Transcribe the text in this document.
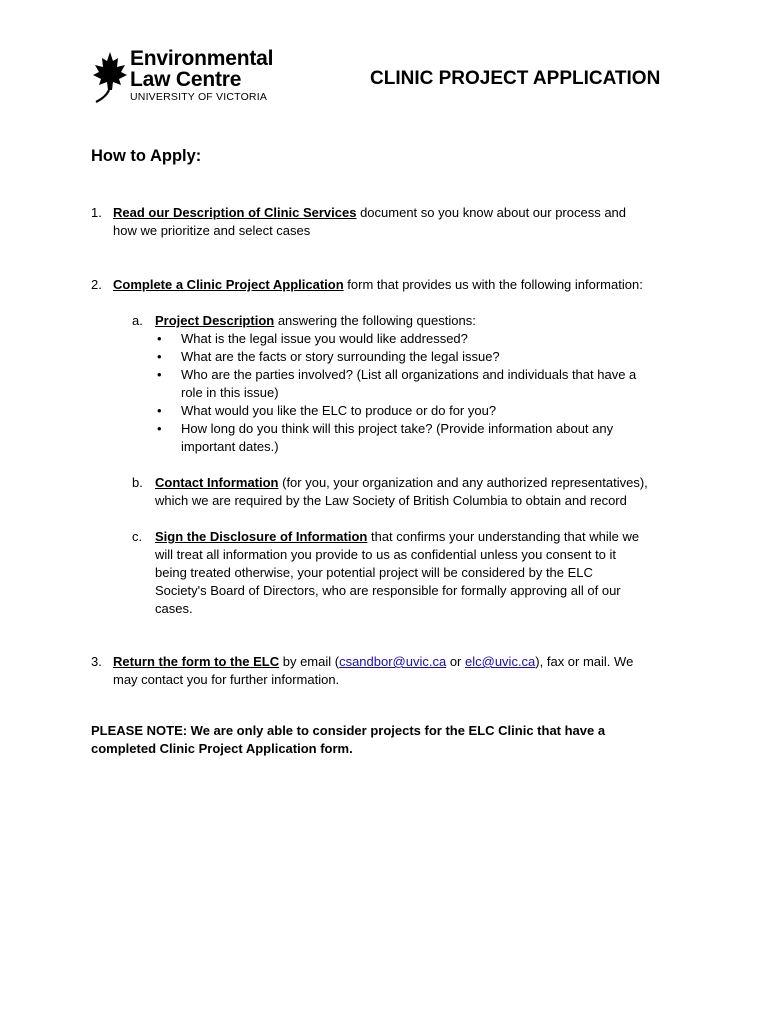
Environmental
Law Centre
UNIVERSITY OF VICTORIA
CLINIC PROJECT APPLICATION
How to Apply:
1. Read our Description of Clinic Services document so you know about our process and
how we prioritize and select cases
2. Complete a Clinic Project Application form that provides us with the following information:
a. Project Description answering the following questions:
• What is the legal issue you would like addressed?
• What are the facts or story surrounding the legal issue?
• Who are the parties involved? (List all organizations and individuals that have a
role in this issue)
• What would you like the ELC to produce or do for you?
• How long do you think will this project take? (Provide information about any
important dates.)
b. Contact Information (for you, your organization and any authorized representatives),
which we are required by the Law Society of British Columbia to obtain and record
c. Sign the Disclosure of Information that confirms your understanding that while we
will treat all information you provide to us as confidential unless you consent to it
being treated otherwise, your potential project will be considered by the ELC
Society's Board of Directors, who are responsible for formally approving all of our
cases.
3. Return the form to the ELC by email (csandbor@uvic.ca or elc@uvic.ca), fax or mail. We
may contact you for further information.
PLEASE NOTE: We are only able to consider projects for the ELC Clinic that have a completed Clinic Project Application form.
